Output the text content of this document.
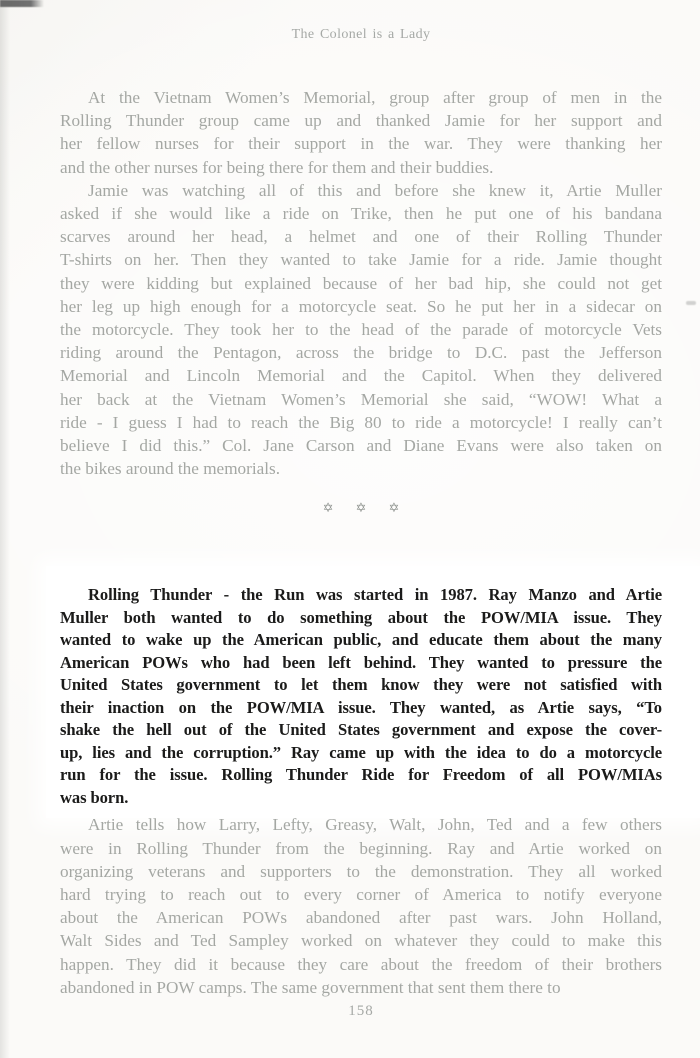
The Colonel is a Lady
At the Vietnam Women’s Memorial, group after group of men in the
Rolling Thunder group came up and thanked Jamie for her support and
her fellow nurses for their support in the war. They were thanking her
and the other nurses for being there for them and their buddies.
Jamie was watching all of this and before she knew it, Artie Muller
asked if she would like a ride on Trike, then he put one of his bandana
scarves around her head, a helmet and one of their Rolling Thunder
T-shirts on her. Then they wanted to take Jamie for a ride. Jamie thought
they were kidding but explained because of her bad hip, she could not get
her leg up high enough for a motorcycle seat. So he put her in a sidecar on
the motorcycle. They took her to the head of the parade of motorcycle Vets
riding around the Pentagon, across the bridge to D.C. past the Jefferson
Memorial and Lincoln Memorial and the Capitol. When they delivered
her back at the Vietnam Women’s Memorial she said, “WOW! What a
ride - I guess I had to reach the Big 80 to ride a motorcycle! I really can’t
believe I did this.” Col. Jane Carson and Diane Evans were also taken on
the bikes around the memorials.
✡ ✡ ✡
Rolling Thunder - the Run was started in 1987. Ray Manzo and Artie
Muller both wanted to do something about the POW/MIA issue. They
wanted to wake up the American public, and educate them about the many
American POWs who had been left behind. They wanted to pressure the
United States government to let them know they were not satisfied with
their inaction on the POW/MIA issue. They wanted, as Artie says, “To
shake the hell out of the United States government and expose the cover-
up, lies and the corruption.” Ray came up with the idea to do a motorcycle
run for the issue. Rolling Thunder Ride for Freedom of all POW/MIAs
was born.
Artie tells how Larry, Lefty, Greasy, Walt, John, Ted and a few others
were in Rolling Thunder from the beginning. Ray and Artie worked on
organizing veterans and supporters to the demonstration. They all worked
hard trying to reach out to every corner of America to notify everyone
about the American POWs abandoned after past wars. John Holland,
Walt Sides and Ted Sampley worked on whatever they could to make this
happen. They did it because they care about the freedom of their brothers
abandoned in POW camps. The same government that sent them there to
158
